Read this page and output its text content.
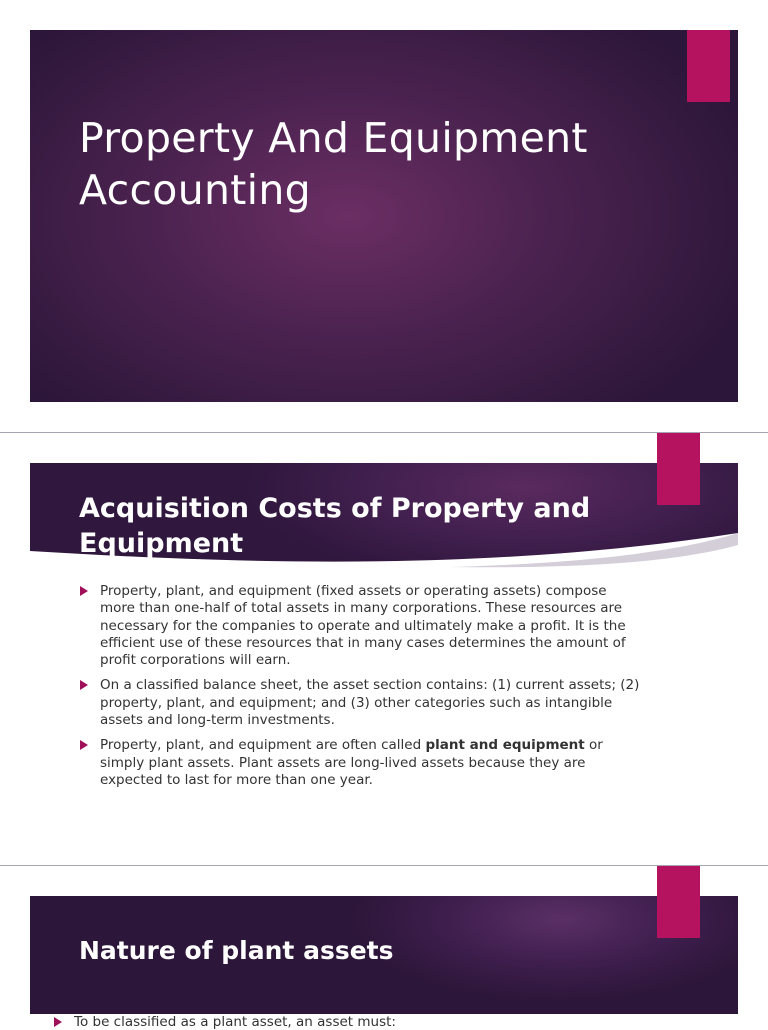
Property And Equipment Accounting
Acquisition Costs of Property and Equipment
Property, plant, and equipment (fixed assets or operating assets) compose more than one-half of total assets in many corporations. These resources are necessary for the companies to operate and ultimately make a profit. It is the efficient use of these resources that in many cases determines the amount of profit corporations will earn.
On a classified balance sheet, the asset section contains: (1) current assets; (2) property, plant, and equipment; and (3) other categories such as intangible assets and long-term investments.
Property, plant, and equipment are often called plant and equipment or simply plant assets. Plant assets are long-lived assets because they are expected to last for more than one year.
Nature of plant assets
To be classified as a plant asset, an asset must:
